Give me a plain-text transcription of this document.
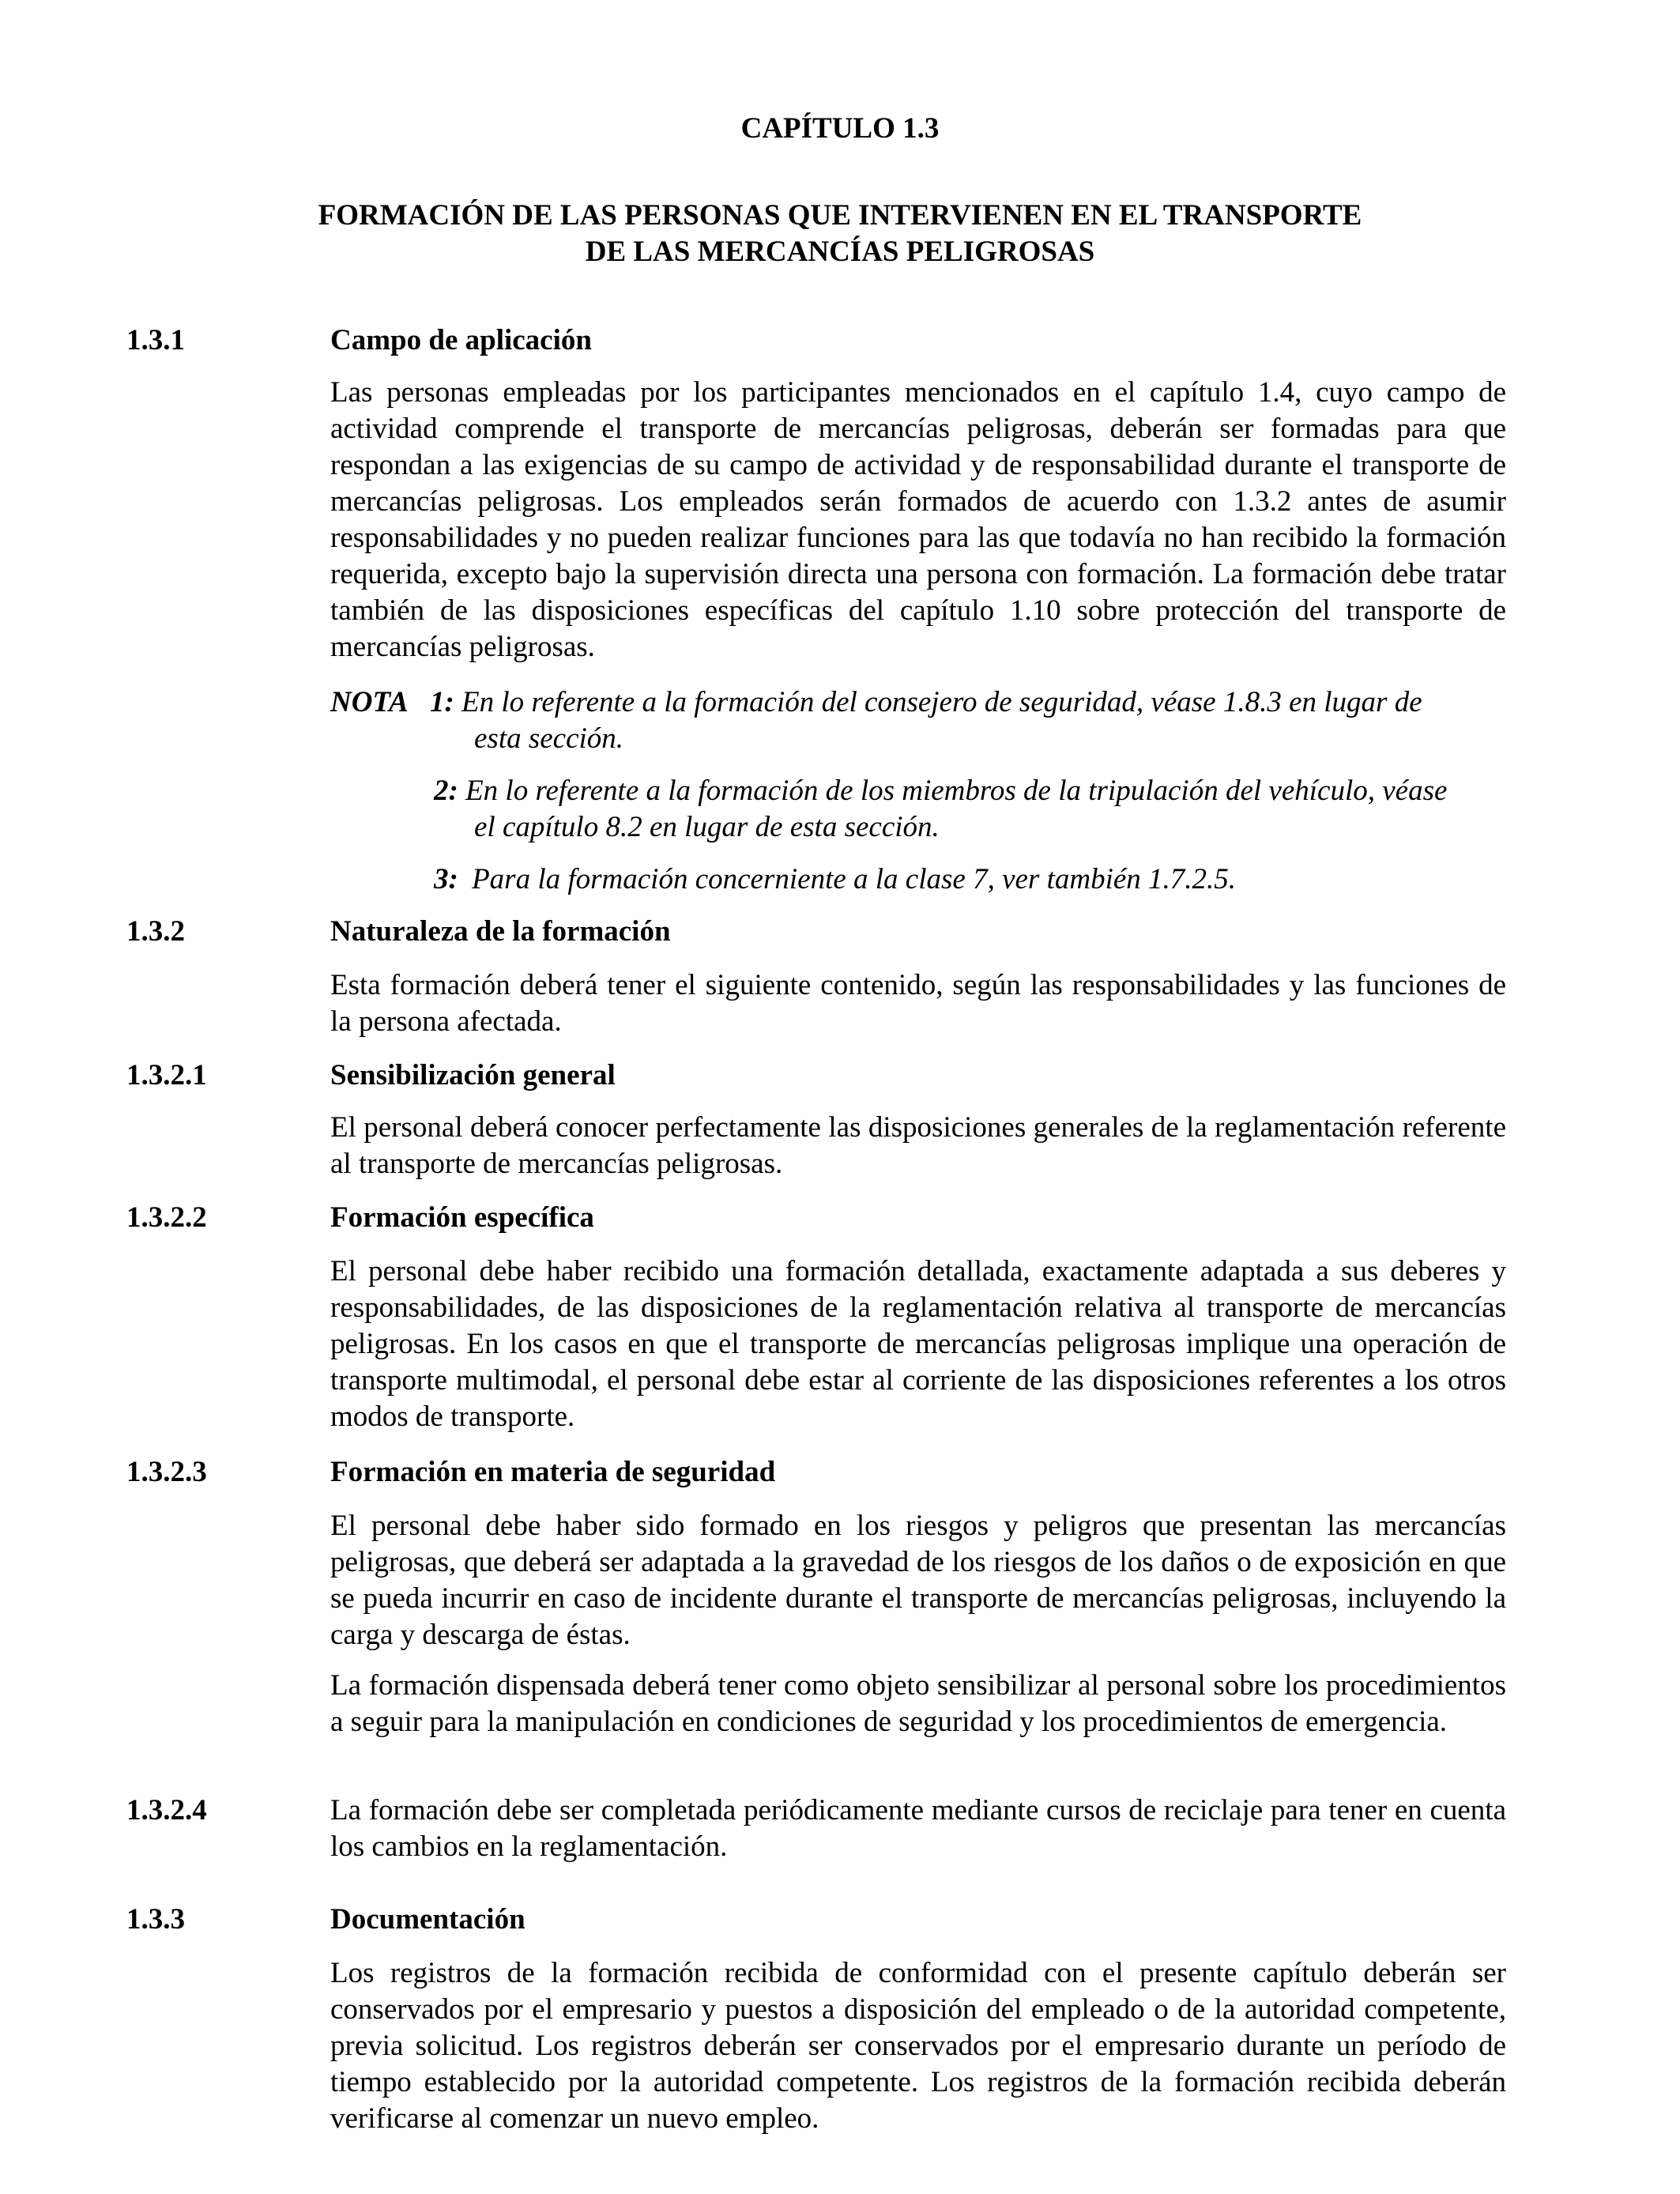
CAPÍTULO 1.3
FORMACIÓN DE LAS PERSONAS QUE INTERVIENEN EN EL TRANSPORTE
DE LAS MERCANCÍAS PELIGROSAS
1.3.1	Campo de aplicación
Las personas empleadas por los participantes mencionados en el capítulo 1.4, cuyo campo de actividad comprende el transporte de mercancías peligrosas, deberán ser formadas para que respondan a las exigencias de su campo de actividad y de responsabilidad durante el transporte de mercancías peligrosas. Los empleados serán formados de acuerdo con 1.3.2 antes de asumir responsabilidades y no pueden realizar funciones para las que todavía no han recibido la formación requerida, excepto bajo la supervisión directa una persona con formación. La formación debe tratar también de las disposiciones específicas del capítulo 1.10 sobre protección del transporte de mercancías peligrosas.
NOTA 1: En lo referente a la formación del consejero de seguridad, véase 1.8.3 en lugar de
esta sección.
2: En lo referente a la formación de los miembros de la tripulación del vehículo, véase
el capítulo 8.2 en lugar de esta sección.
3: Para la formación concerniente a la clase 7, ver también 1.7.2.5.
1.3.2	Naturaleza de la formación
Esta formación deberá tener el siguiente contenido, según las responsabilidades y las funciones de la persona afectada.
1.3.2.1	Sensibilización general
El personal deberá conocer perfectamente las disposiciones generales de la reglamentación referente al transporte de mercancías peligrosas.
1.3.2.2	Formación específica
El personal debe haber recibido una formación detallada, exactamente adaptada a sus deberes y responsabilidades, de las disposiciones de la reglamentación relativa al transporte de mercancías peligrosas. En los casos en que el transporte de mercancías peligrosas implique una operación de transporte multimodal, el personal debe estar al corriente de las disposiciones referentes a los otros modos de transporte.
1.3.2.3	Formación en materia de seguridad
El personal debe haber sido formado en los riesgos y peligros que presentan las mercancías peligrosas, que deberá ser adaptada a la gravedad de los riesgos de los daños o de exposición en que se pueda incurrir en caso de incidente durante el transporte de mercancías peligrosas, incluyendo la carga y descarga de éstas.
La formación dispensada deberá tener como objeto sensibilizar al personal sobre los procedimientos a seguir para la manipulación en condiciones de seguridad y los procedimientos de emergencia.
1.3.2.4	La formación debe ser completada periódicamente mediante cursos de reciclaje para tener en cuenta los cambios en la reglamentación.
1.3.3	Documentación
Los registros de la formación recibida de conformidad con el presente capítulo deberán ser conservados por el empresario y puestos a disposición del empleado o de la autoridad competente, previa solicitud. Los registros deberán ser conservados por el empresario durante un período de tiempo establecido por la autoridad competente. Los registros de la formación recibida deberán verificarse al comenzar un nuevo empleo.
